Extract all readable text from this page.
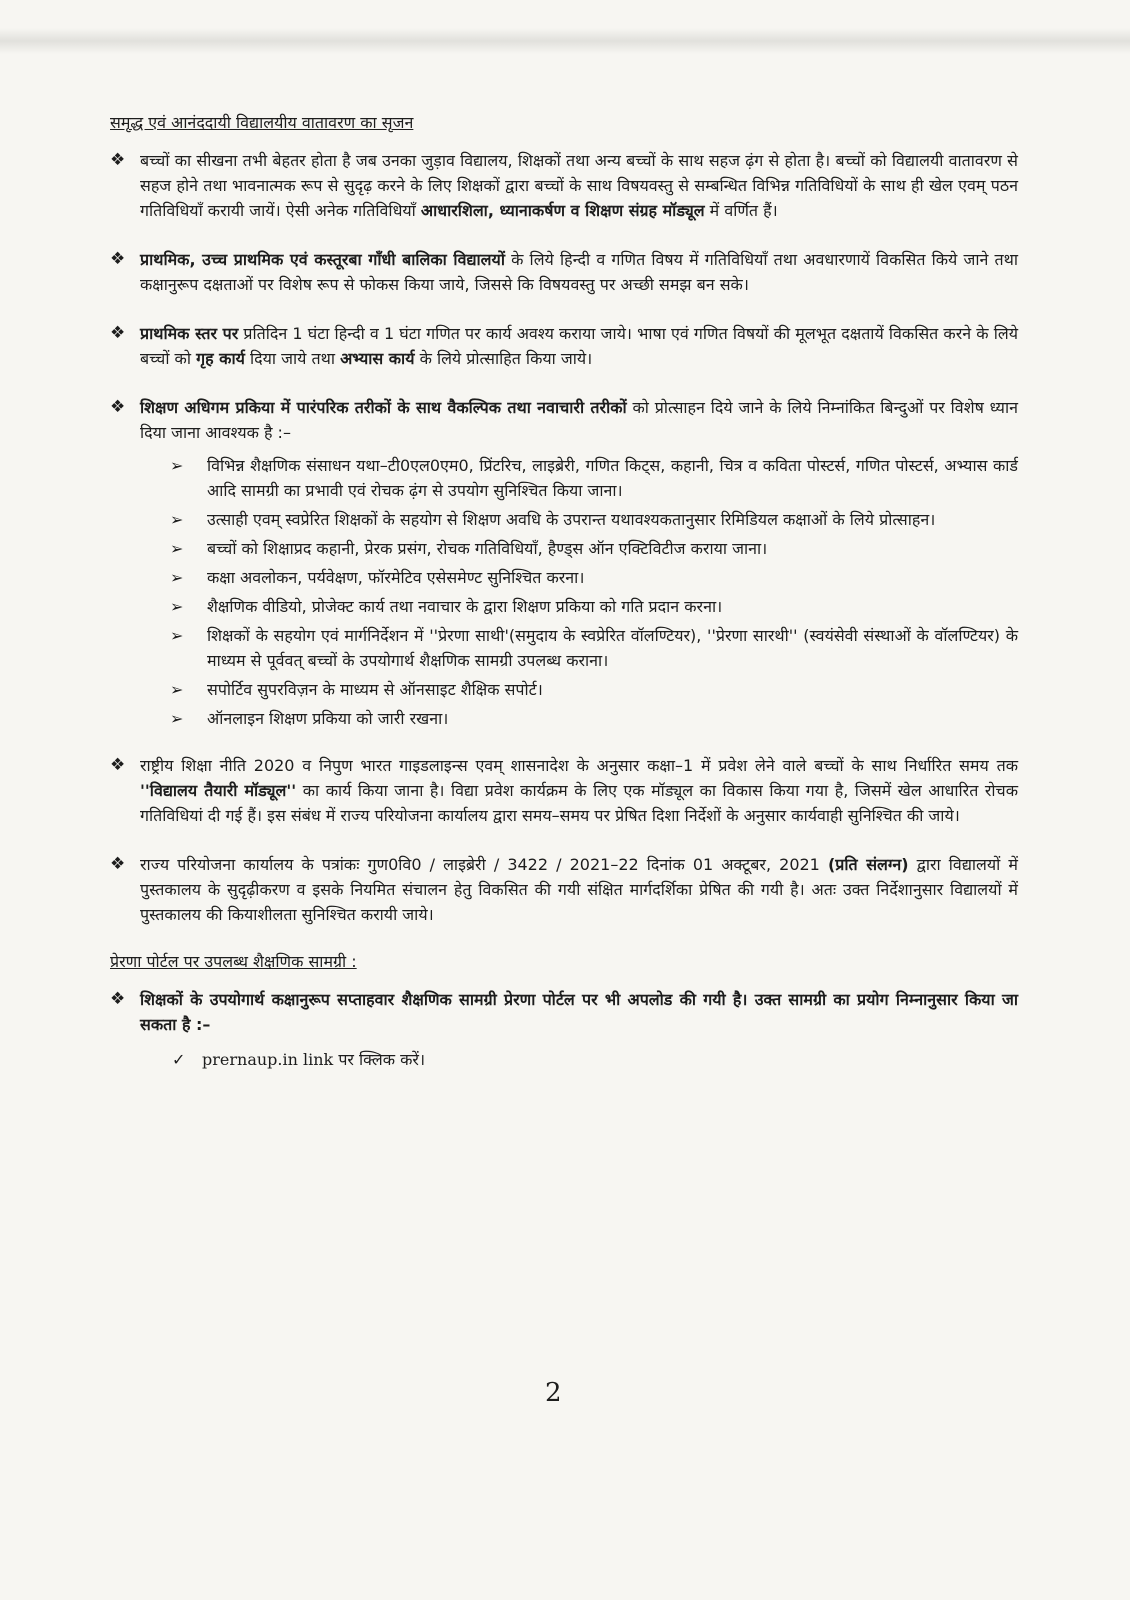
समृद्ध एवं आनंददायी विद्यालयीय वातावरण का सृजन
❖ बच्चों का सीखना तभी बेहतर होता है जब उनका जुड़ाव विद्यालय, शिक्षकों तथा अन्य बच्चों के साथ सहज ढ़ंग से होता है। बच्चों को विद्यालयी वातावरण से सहज होने तथा भावनात्मक रूप से सुदृढ़ करने के लिए शिक्षकों द्वारा बच्चों के साथ विषयवस्तु से सम्बन्धित विभिन्न गतिविधियों के साथ ही खेल एवम् पठन गतिविधियाँ करायी जायें। ऐसी अनेक गतिविधियाँ आधारशिला, ध्यानाकर्षण व शिक्षण संग्रह मॉड्यूल में वर्णित हैं।
❖ प्राथमिक, उच्च प्राथमिक एवं कस्तूरबा गाँधी बालिका विद्यालयों के लिये हिन्दी व गणित विषय में गतिविधियाँ तथा अवधारणायें विकसित किये जाने तथा कक्षानुरूप दक्षताओं पर विशेष रूप से फोकस किया जाये, जिससे कि विषयवस्तु पर अच्छी समझ बन सके।
❖ प्राथमिक स्तर पर प्रतिदिन 1 घंटा हिन्दी व 1 घंटा गणित पर कार्य अवश्य कराया जाये। भाषा एवं गणित विषयों की मूलभूत दक्षतायें विकसित करने के लिये बच्चों को गृह कार्य दिया जाये तथा अभ्यास कार्य के लिये प्रोत्साहित किया जाये।
❖ शिक्षण अधिगम प्रकिया में पारंपरिक तरीकों के साथ वैकल्पिक तथा नवाचारी तरीकों को प्रोत्साहन दिये जाने के लिये निम्नांकित बिन्दुओं पर विशेष ध्यान दिया जाना आवश्यक है :–
➢ विभिन्न शैक्षणिक संसाधन यथा–टी0एल0एम0, प्रिंटरिच, लाइब्रेरी, गणित किट्स, कहानी, चित्र व कविता पोस्टर्स, गणित पोस्टर्स, अभ्यास कार्ड आदि सामग्री का प्रभावी एवं रोचक ढ़ंग से उपयोग सुनिश्चित किया जाना।
➢ उत्साही एवम् स्वप्रेरित शिक्षकों के सहयोग से शिक्षण अवधि के उपरान्त यथावश्यकतानुसार रिमिडियल कक्षाओं के लिये प्रोत्साहन।
➢ बच्चों को शिक्षाप्रद कहानी, प्रेरक प्रसंग, रोचक गतिविधियाँ, हैण्ड्स ऑन एक्टिविटीज कराया जाना।
➢ कक्षा अवलोकन, पर्यवेक्षण, फॉरमेटिव एसेसमेण्ट सुनिश्चित करना।
➢ शैक्षणिक वीडियो, प्रोजेक्ट कार्य तथा नवाचार के द्वारा शिक्षण प्रकिया को गति प्रदान करना।
➢ शिक्षकों के सहयोग एवं मार्गनिर्देशन में ''प्रेरणा साथी'(समुदाय के स्वप्रेरित वॉलण्टियर), ''प्रेरणा सारथी'' (स्वयंसेवी संस्थाओं के वॉलण्टियर) के माध्यम से पूर्ववत् बच्चों के उपयोगार्थ शैक्षणिक सामग्री उपलब्ध कराना।
➢ सपोर्टिव सुपरविज़न के माध्यम से ऑनसाइट शैक्षिक सपोर्ट।
➢ ऑनलाइन शिक्षण प्रकिया को जारी रखना।
❖ राष्ट्रीय शिक्षा नीति 2020 व निपुण भारत गाइडलाइन्स एवम् शासनादेश के अनुसार कक्षा–1 में प्रवेश लेने वाले बच्चों के साथ निर्धारित समय तक ''विद्यालय तैयारी मॉड्यूल'' का कार्य किया जाना है। विद्या प्रवेश कार्यक्रम के लिए एक मॉड्यूल का विकास किया गया है, जिसमें खेल आधारित रोचक गतिविधियां दी गई हैं। इस संबंध में राज्य परियोजना कार्यालय द्वारा समय–समय पर प्रेषित दिशा निर्देशों के अनुसार कार्यवाही सुनिश्चित की जाये।
❖ राज्य परियोजना कार्यालय के पत्रांकः गुण0वि0 / लाइब्रेरी / 3422 / 2021–22 दिनांक 01 अक्टूबर, 2021 (प्रति संलग्न) द्वारा विद्यालयों में पुस्तकालय के सुदृढ़ीकरण व इसके नियमित संचालन हेतु विकसित की गयी संक्षित मार्गदर्शिका प्रेषित की गयी है। अतः उक्त निर्देशानुसार विद्यालयों में पुस्तकालय की कियाशीलता सुनिश्चित करायी जाये।
प्रेरणा पोर्टल पर उपलब्ध शैक्षणिक सामग्री :
❖ शिक्षकों के उपयोगार्थ कक्षानुरूप सप्ताहवार शैक्षणिक सामग्री प्रेरणा पोर्टल पर भी अपलोड की गयी है। उक्त सामग्री का प्रयोग निम्नानुसार किया जा सकता है :–
✓ prernaup.in link पर क्लिक करें।
2
